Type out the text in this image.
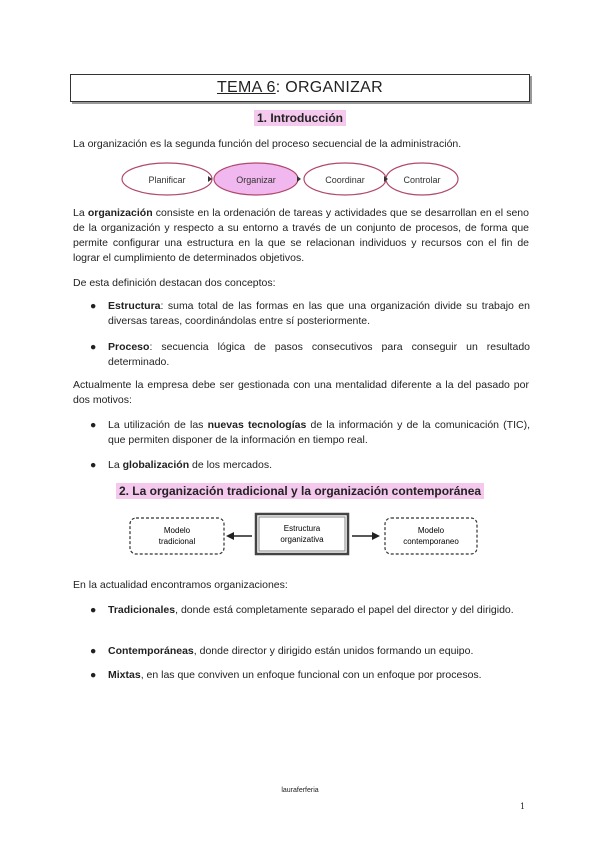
TEMA 6: ORGANIZAR
1. Introducción
La organización es la segunda función del proceso secuencial de la administración.
Planificar	Organizar	Coordinar	Controlar
La organización consiste en la ordenación de tareas y actividades que se desarrollan en el seno de la organización y respecto a su entorno a través de un conjunto de procesos, de forma que permite configurar una estructura en la que se relacionan individuos y recursos con el fin de lograr el cumplimiento de determinados objetivos.
De esta definición destacan dos conceptos:
● Estructura: suma total de las formas en las que una organización divide su trabajo en diversas tareas, coordinándolas entre sí posteriormente.
● Proceso: secuencia lógica de pasos consecutivos para conseguir un resultado determinado.
Actualmente la empresa debe ser gestionada con una mentalidad diferente a la del pasado por dos motivos:
● La utilización de las nuevas tecnologías de la información y de la comunicación (TIC), que permiten disponer de la información en tiempo real.
● La globalización de los mercados.
2. La organización tradicional y la organización contemporánea
Modelo
tradicional
Estructura
organizativa
Modelo
contemporaneo
En la actualidad encontramos organizaciones:
● Tradicionales, donde está completamente separado el papel del director y del dirigido.
● Contemporáneas, donde director y dirigido están unidos formando un equipo.
● Mixtas, en las que conviven un enfoque funcional con un enfoque por procesos.
lauraferferia
1
